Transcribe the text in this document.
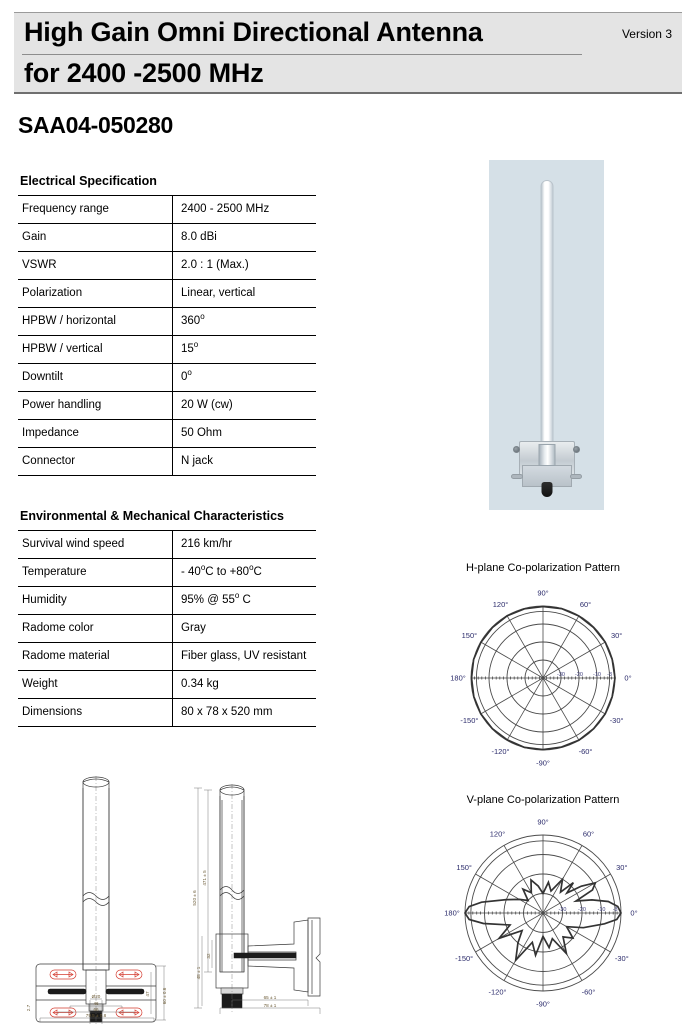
High Gain Omni Directional Antenna
for 2400 -2500 MHz
Version 3
SAA04-050280
Electrical Specification
Frequency range	2400 - 2500 MHz
Gain	8.0 dBi
VSWR	2.0 : 1 (Max.)
Polarization	Linear, vertical
HPBW / horizontal	360$^o$
HPBW / vertical	15$^o$
Downtilt	0$^o$
Power handling	20 W (cw)
Impedance	50 Ohm
Connector	N jack
Environmental & Mechanical Characteristics
Survival wind speed	216 km/hr
Temperature	- 40$^o$C to $+80^oC$
Humidity	95% @ 55$^o$ C
Radome color	Gray
Radome material	Fiber glass, UV resistant
Weight	0.34 kg
Dimensions	80 x 78 x 520 mm
H-plane Co-polarization Pattern
0°
30°
60°
90°
120°
150°
180°
-150°
-120°
-90°
-60°
-30°
-3
-10
-20
-30
V-plane Co-polarization Pattern
0°
30°
60°
90°
120°
150°
180°
-150°
-120°
-90°
-60°
-30°
-3
-10
-20
-30
Ø20
46
66
79.5 ± 0.8
60 ± 0.6
47
2.7
520 ± 6
471 ± 5
48 ± 1
32
65 ± 1
78 ± 1
